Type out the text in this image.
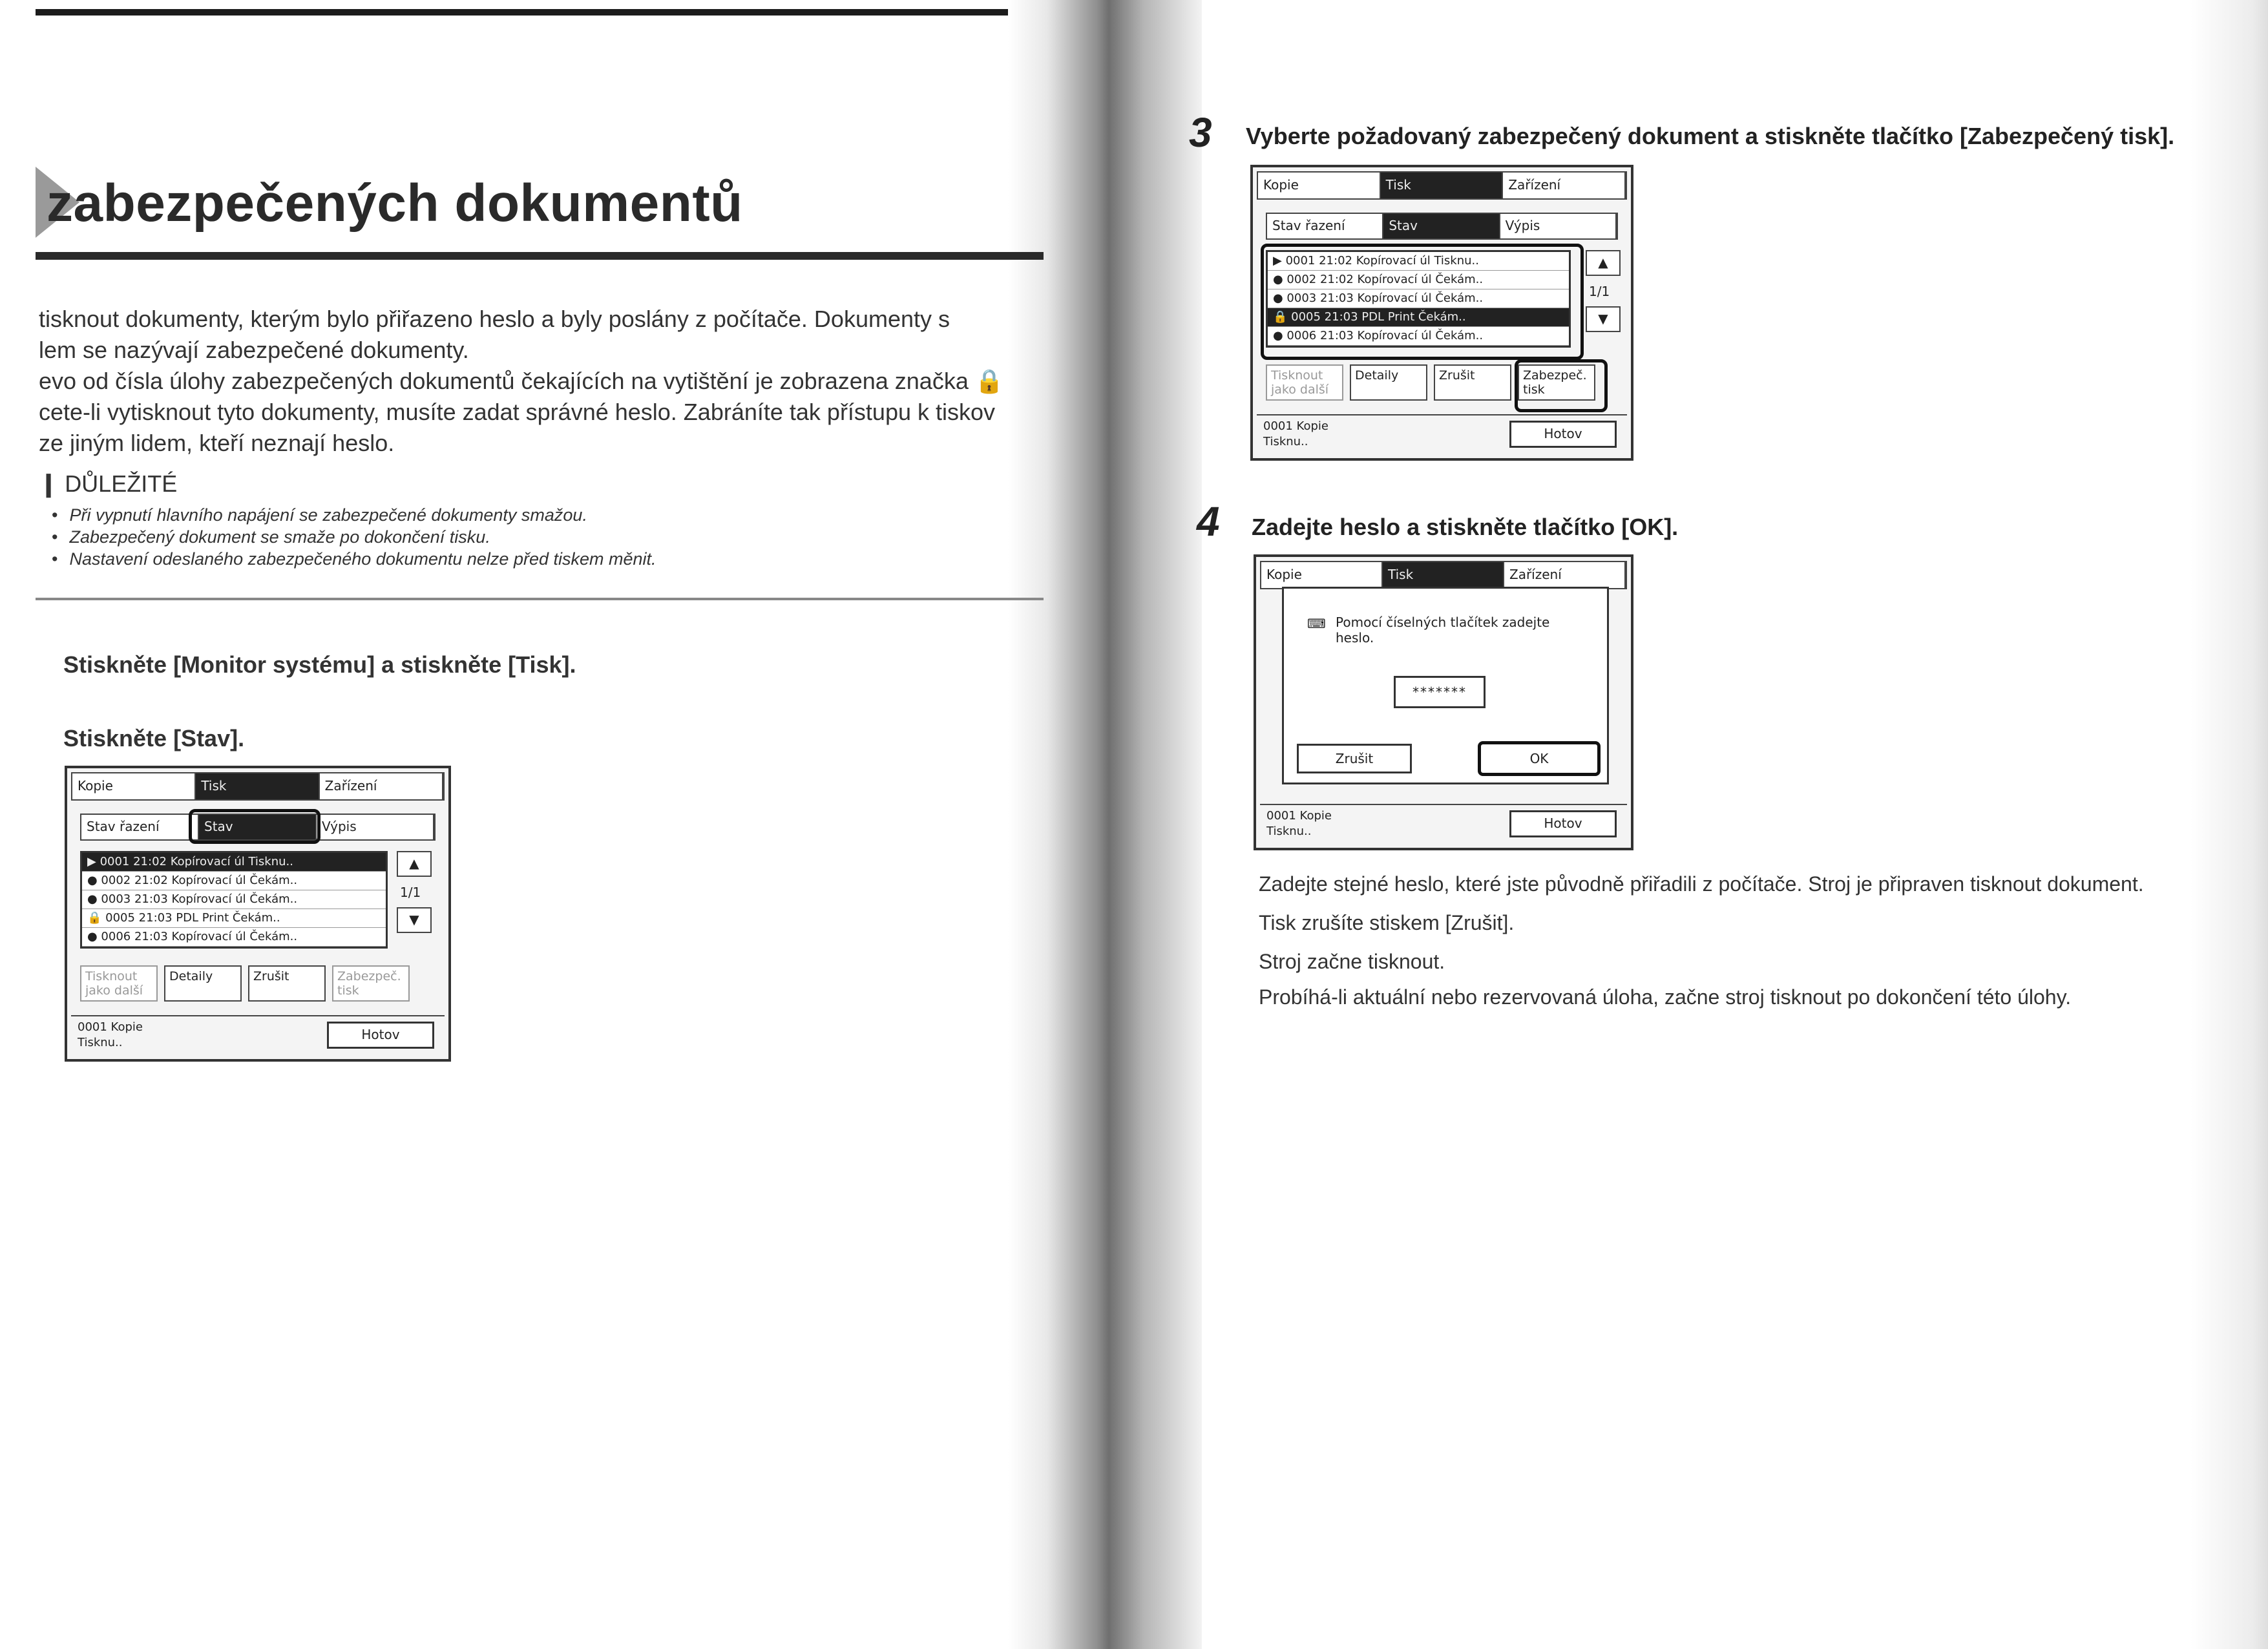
zabezpečených dokumentů

tisknout dokumenty, kterým bylo přiřazeno heslo a byly poslány z počítače. Dokumenty s

lem se nazývají zabezpečené dokumenty.

evo od čísla úlohy zabezpečených dokumentů čekajících na vytištění je zobrazena značka 🔒

cete-li vytisknout tyto dokumenty, musíte zadat správné heslo. Zabráníte tak přístupu k tiskov

ze jiným lidem, kteří neznají heslo.

❙ DŮLEŽITÉ
• Při vypnutí hlavního napájení se zabezpečené dokumenty smažou.
• Zabezpečený dokument se smaže po dokončení tisku.
• Nastavení odeslaného zabezpečeného dokumentu nelze před tiskem měnit.
Stiskněte [Monitor systému] a stiskněte [Tisk].
Stiskněte [Stav].
Kopie	Tisk	Zařízení
Stav řazení	Stav	Výpis
▶ 0001 21:02 Kopírovací úl Tisknu..
● 0002 21:02 Kopírovací úl Čekám..
● 0003 21:03 Kopírovací úl Čekám..
🔒 0005 21:03 PDL Print Čekám..
● 0006 21:03 Kopírovací úl Čekám..
▲
1/1
▼
Tisknout jako další
Detaily	Zrušit	Zabezpeč. tisk
0001 Kopie
Tisknu..
Hotov
3 Vyberte požadovaný zabezpečený dokument a stiskněte tlačítko [Zabezpečený tisk].
Kopie	Tisk	Zařízení
Stav řazení	Stav	Výpis
▶ 0001 21:02 Kopírovací úl Tisknu..
● 0002 21:02 Kopírovací úl Čekám..
● 0003 21:03 Kopírovací úl Čekám..
🔒 0005 21:03 PDL Print Čekám..
● 0006 21:03 Kopírovací úl Čekám..
▲
1/1
▼
Tisknout jako další
Detaily	Zrušit	Zabezpeč. tisk
0001 Kopie
Tisknu..
Hotov
4 Zadejte heslo a stiskněte tlačítko [OK].
Kopie	Tisk	Zařízení
⌨ Pomocí číselných tlačítek zadejte heslo.
*******
Zrušit	OK
0001 Kopie
Tisknu..
Hotov
Zadejte stejné heslo, které jste původně přiřadili z počítače. Stroj je připraven tisknout dokument.
Tisk zrušíte stiskem [Zrušit].
Stroj začne tisknout.
Probíhá-li aktuální nebo rezervovaná úloha, začne stroj tisknout po dokončení této úlohy.
